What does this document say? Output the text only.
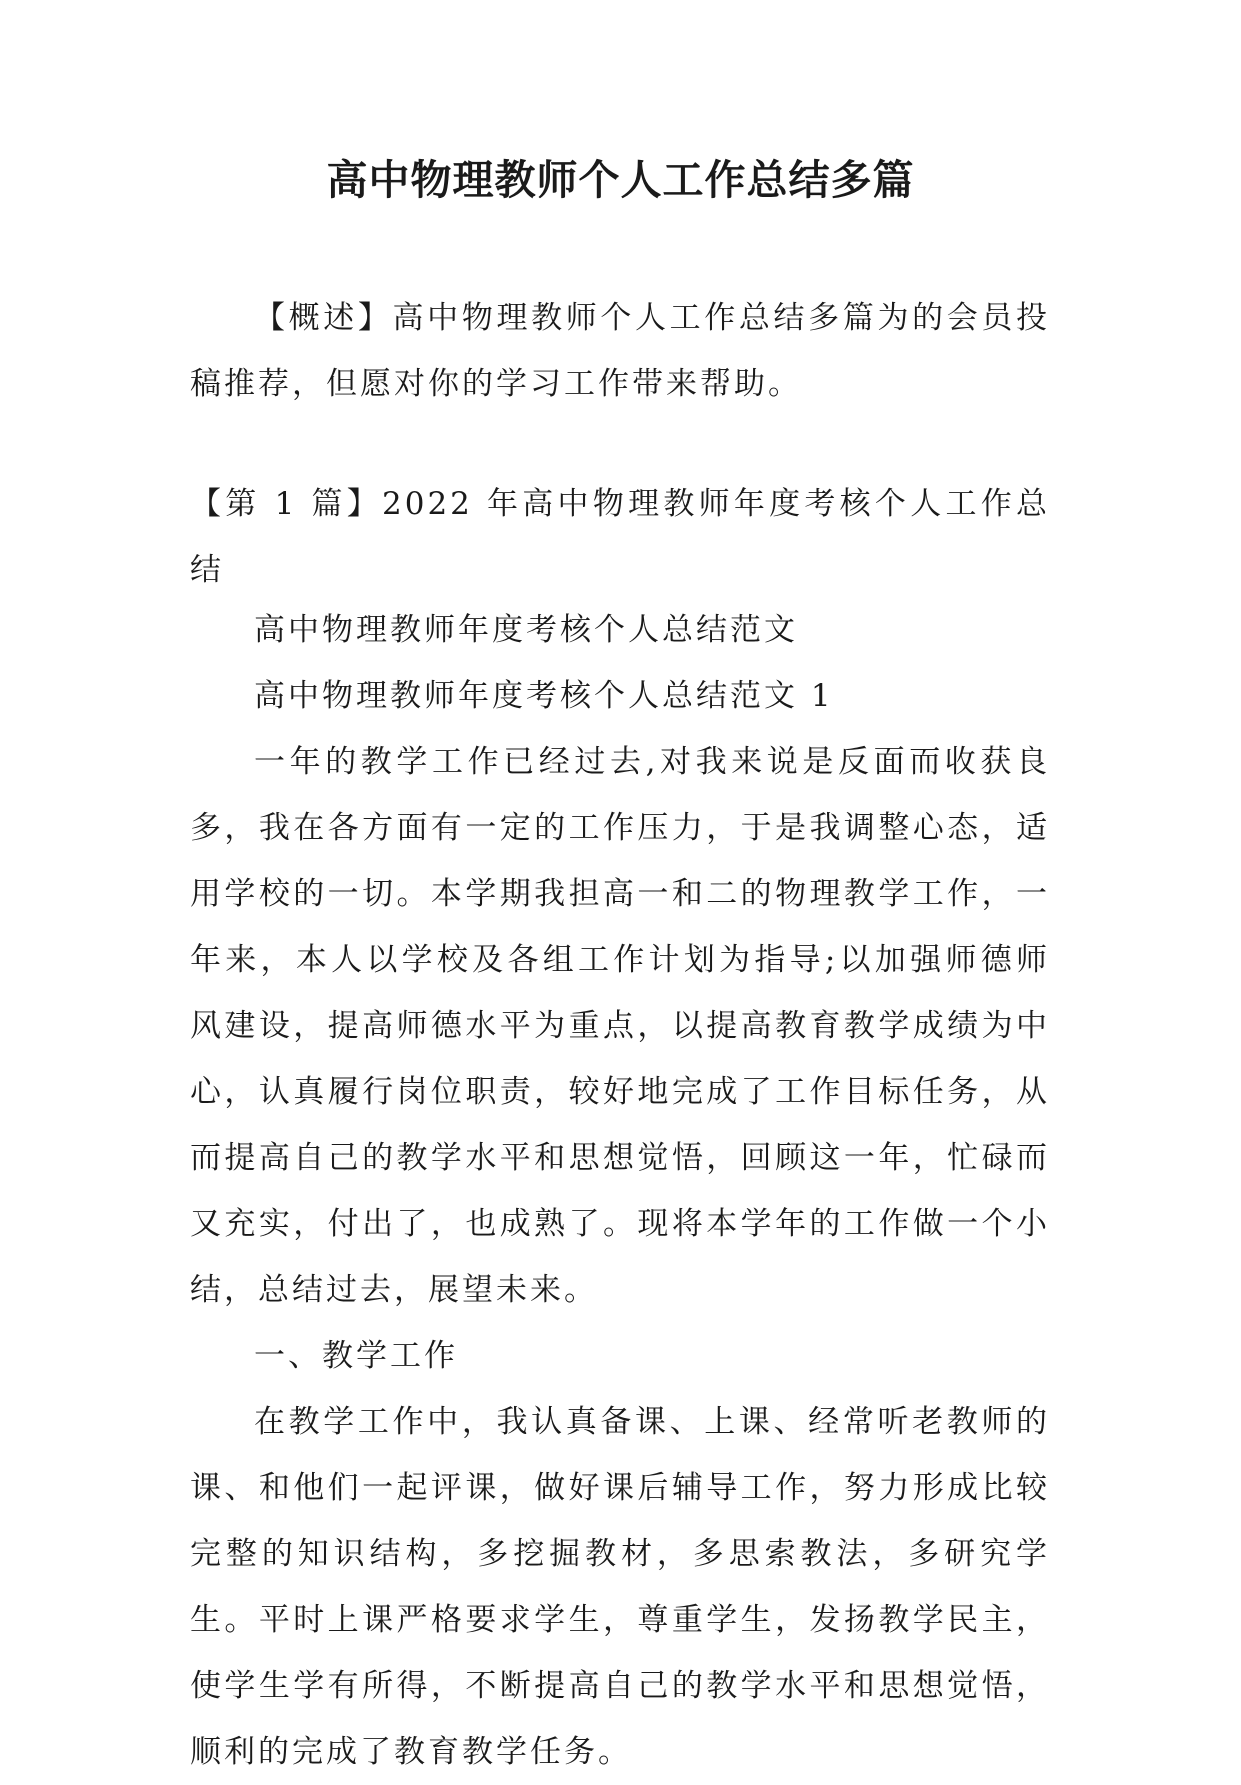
高中物理教师个人工作总结多篇

【概述】高中物理教师个人工作总结多篇为的会员投稿推荐，但愿对你的学习工作带来帮助。

【第 1 篇】2022 年高中物理教师年度考核个人工作总结

高中物理教师年度考核个人总结范文

高中物理教师年度考核个人总结范文 1

一年的教学工作已经过去,对我来说是反面而收获良多，我在各方面有一定的工作压力，于是我调整心态，适用学校的一切。本学期我担高一和二的物理教学工作，一年来，本人以学校及各组工作计划为指导;以加强师德师风建设，提高师德水平为重点，以提高教育教学成绩为中心，认真履行岗位职责，较好地完成了工作目标任务，从而提高自己的教学水平和思想觉悟，回顾这一年，忙碌而又充实，付出了，也成熟了。现将本学年的工作做一个小结，总结过去，展望未来。

一、教学工作

在教学工作中，我认真备课、上课、经常听老教师的课、和他们一起评课，做好课后辅导工作，努力形成比较完整的知识结构，多挖掘教材，多思索教法，多研究学生。平时上课严格要求学生，尊重学生，发扬教学民主，使学生学有所得，不断提高自己的教学水平和思想觉悟，顺利的完成了教育教学任务。
